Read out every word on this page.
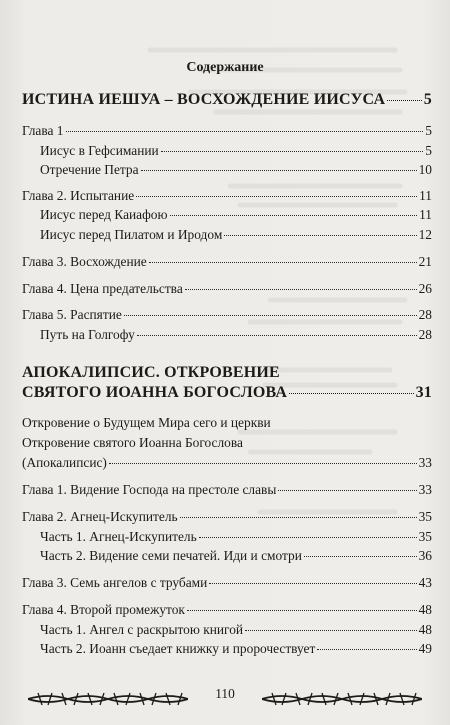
Содержание
ИСТИНА ИЕШУА – ВОСХОЖДЕНИЕ ИИСУСА 5
Глава 1	5
Иисус в Гефсимании	5
Отречение Петра	10
Глава 2. Испытание	11
Иисус перед Каиафою	11
Иисус перед Пилатом и Иродом	12
Глава 3. Восхождение	21
Глава 4. Цена предательства	26
Глава 5. Распятие	28
Путь на Голгофу	28
АПОКАЛИПСИС. ОТКРОВЕНИЕ
СВЯТОГО ИОАННА БОГОСЛОВА	31
Откровение о Будущем Мира сего и церкви
Откровение святого Иоанна Богослова
(Апокалипсис)	33
Глава 1. Видение Господа на престоле славы	33
Глава 2. Агнец-Искупитель	35
Часть 1. Агнец-Искупитель	35
Часть 2. Видение семи печатей. Иди и смотри	36
Глава 3. Семь ангелов с трубами	43
Глава 4. Второй промежуток	48
Часть 1. Ангел с раскрытою книгой	48
Часть 2. Иоанн съедает книжку и пророчествует	49
110
